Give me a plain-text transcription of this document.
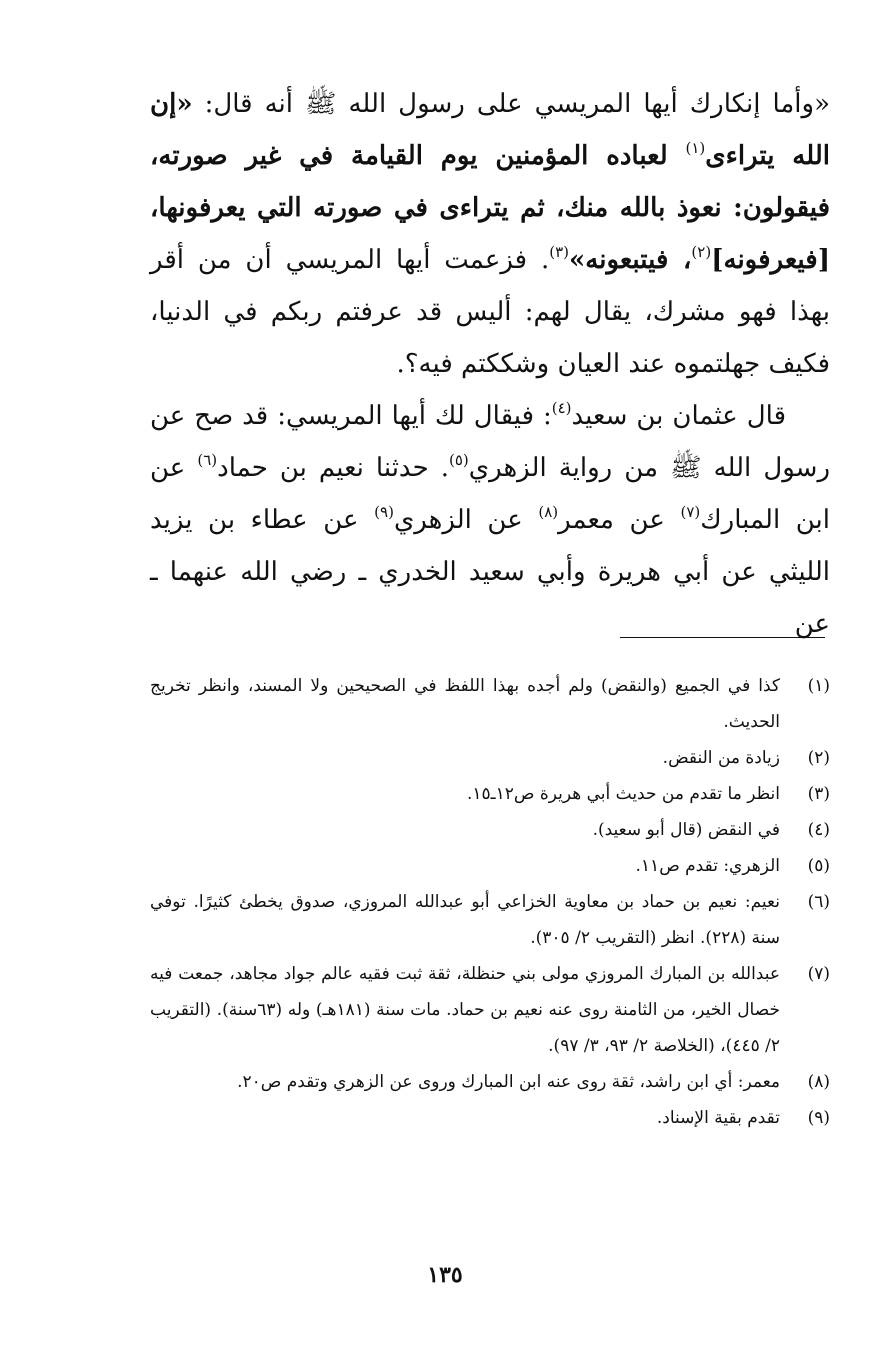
«وأما إنكارك أيها المريسي على رسول الله ﷺ أنه قال: «إن الله يتراءى$^{(١)}$ لعباده المؤمنين يوم القيامة في غير صورته، فيقولون: نعوذ بالله منك، ثم يتراءى في صورته التي يعرفونها، [فيعرفونه]$^{(٢)}$، فيتبعونه»$^{(٣)}$. فزعمت أيها المريسي أن من أقر بهذا فهو مشرك، يقال لهم: أليس قد عرفتم ربكم في الدنيا، فكيف جهلتموه عند العيان وشككتم فيه؟.

قال عثمان بن سعيد$^{(٤)}$: فيقال لك أيها المريسي: قد صح عن رسول الله ﷺ من رواية الزهري$^{(٥)}$. حدثنا نعيم بن حماد$^{(٦)}$ عن ابن المبارك$^{(٧)}$ عن معمر$^{(٨)}$ عن الزهري$^{(٩)}$ عن عطاء بن يزيد الليثي عن أبي هريرة وأبي سعيد الخدري ـ رضي الله عنهما ـ عن

(١)
كذا في الجميع (والنقض) ولم أجده بهذا اللفظ في الصحيحين ولا المسند، وانظر تخريج الحديث.
(٢)
زيادة من النقض.
(٣)
انظر ما تقدم من حديث أبي هريرة ص١٢ـ١٥.
(٤)
في النقض (قال أبو سعيد).
(٥)
الزهري: تقدم ص١١.
(٦)
نعيم: نعيم بن حماد بن معاوية الخزاعي أبو عبدالله المروزي، صدوق يخطئ كثيرًا. توفي سنة (٢٢٨). انظر (التقريب ٢/ ٣٠٥).
(٧)
عبدالله بن المبارك المروزي مولى بني حنظلة، ثقة ثبت فقيه عالم جواد مجاهد، جمعت فيه خصال الخير، من الثامنة روى عنه نعيم بن حماد. مات سنة (١٨١هـ) وله (٦٣سنة). (التقريب ٢/ ٤٤٥)، (الخلاصة ٢/ ٩٣، ٣/ ٩٧).
(٨)
معمر: أي ابن راشد، ثقة روى عنه ابن المبارك وروى عن الزهري وتقدم ص٢٠.
(٩)
تقدم بقية الإسناد.
١٣٥
